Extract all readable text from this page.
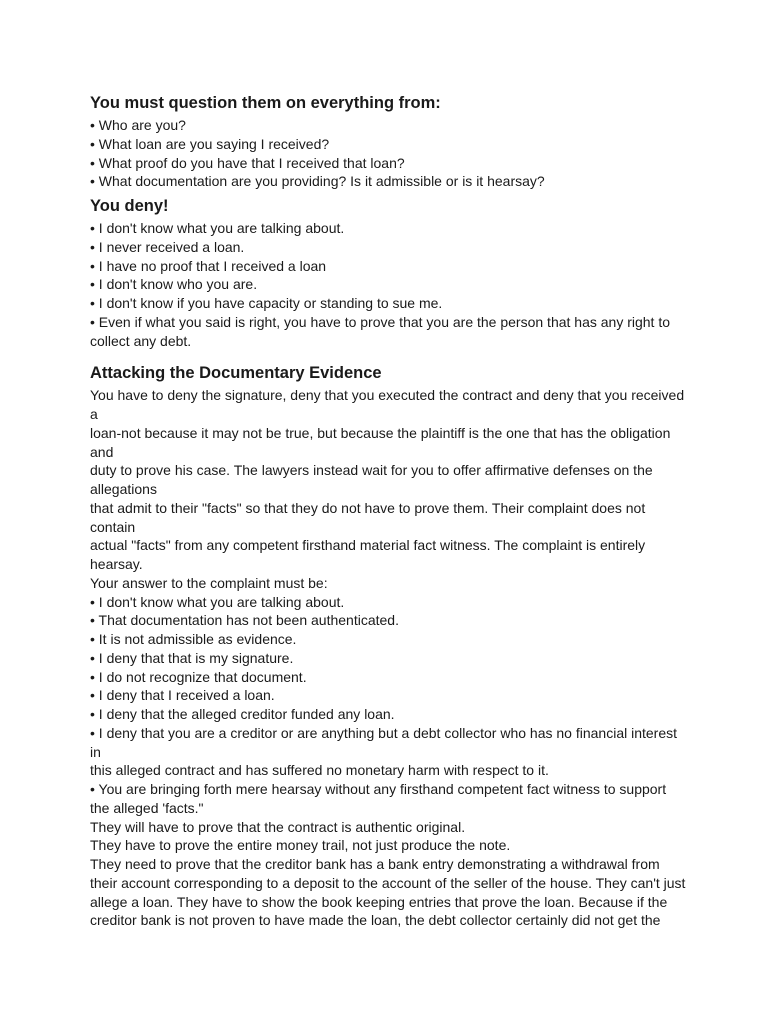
You must question them on everything from:
• Who are you?
• What loan are you saying I received?
• What proof do you have that I received that loan?
• What documentation are you providing? Is it admissible or is it hearsay?
You deny!
• I don't know what you are talking about.
• I never received a loan.
• I have no proof that I received a loan
• I don't know who you are.
• I don't know if you have capacity or standing to sue me.
• Even if what you said is right, you have to prove that you are the person that has any right to
collect any debt.
Attacking the Documentary Evidence
You have to deny the signature, deny that you executed the contract and deny that you received
a
loan-not because it may not be true, but because the plaintiff is the one that has the obligation
and
duty to prove his case. The lawyers instead wait for you to offer affirmative defenses on the
allegations
that admit to their "facts" so that they do not have to prove them. Their complaint does not
contain
actual "facts" from any competent firsthand material fact witness. The complaint is entirely
hearsay.
Your answer to the complaint must be:
• I don't know what you are talking about.
• That documentation has not been authenticated.
• It is not admissible as evidence.
• I deny that that is my signature.
• I do not recognize that document.
• I deny that I received a loan.
• I deny that the alleged creditor funded any loan.
• I deny that you are a creditor or are anything but a debt collector who has no financial interest
in
this alleged contract and has suffered no monetary harm with respect to it.
• You are bringing forth mere hearsay without any firsthand competent fact witness to support
the alleged 'facts."
They will have to prove that the contract is authentic original.
They have to prove the entire money trail, not just produce the note.
They need to prove that the creditor bank has a bank entry demonstrating a withdrawal from
their account corresponding to a deposit to the account of the seller of the house. They can't just
allege a loan. They have to show the book keeping entries that prove the loan. Because if the
creditor bank is not proven to have made the loan, the debt collector certainly did not get the
